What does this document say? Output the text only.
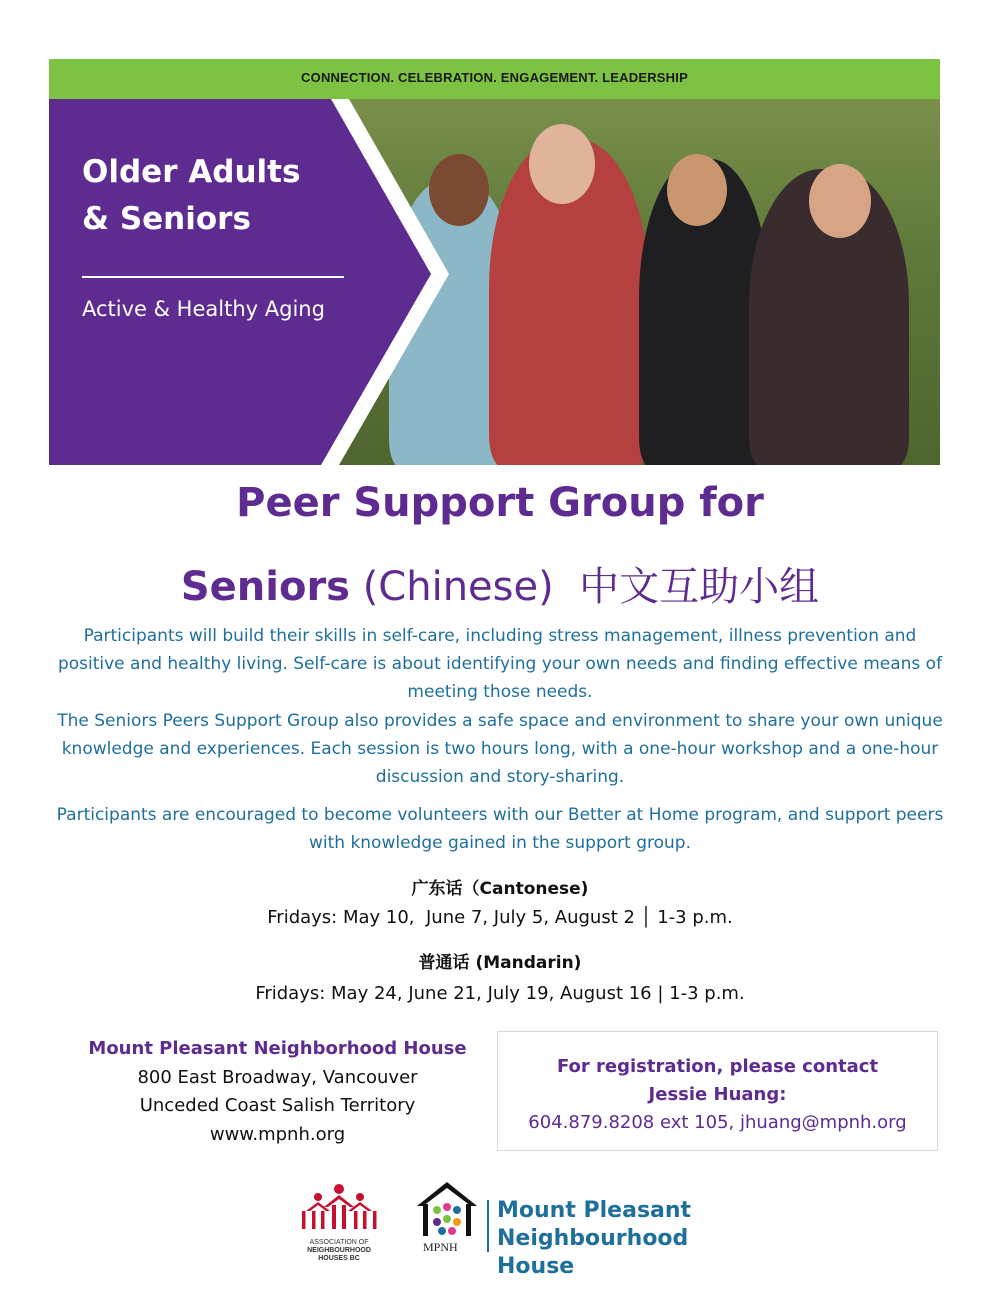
CONNECTION. CELEBRATION. ENGAGEMENT. LEADERSHIP
Older Adults
& Seniors
Active & Healthy Aging
Peer Support Group for
Seniors (Chinese)  中文互助小组
Participants will build their skills in self-care, including stress management, illness prevention and positive and healthy living. Self-care is about identifying your own needs and finding effective means of meeting those needs.
The Seniors Peers Support Group also provides a safe space and environment to share your own unique knowledge and experiences. Each session is two hours long, with a one-hour workshop and a one-hour discussion and story-sharing.
Participants are encouraged to become volunteers with our Better at Home program, and support peers with knowledge gained in the support group.
广东话（Cantonese)
Fridays: May 10,  June 7, July 5, August 2 │ 1-3 p.m.
普通话 (Mandarin)
Fridays: May 24, June 21, July 19, August 16 | 1-3 p.m.
Mount Pleasant Neighborhood House
800 East Broadway, Vancouver
Unceded Coast Salish Territory
www.mpnh.org
For registration, please contact
Jessie Huang:
604.879.8208 ext 105, jhuang@mpnh.org
ASSOCIATION OF
NEIGHBOURHOOD
HOUSES BC
MPNH
Mount Pleasant
Neighbourhood House
